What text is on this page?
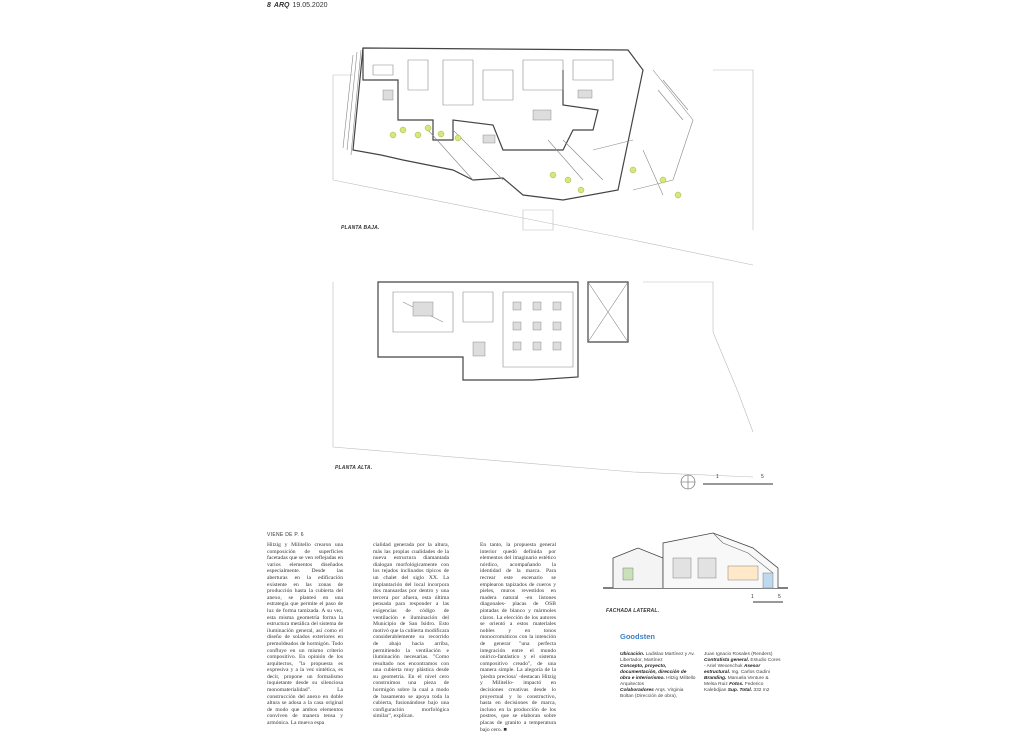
8 ARQ 19.05.2020
PLANTA BAJA.
PLANTA ALTA.
1	5
VIENE DE P. 6
Hitzig y Militello crearon una composición de superficies facetadas que se ven reflejadas en varios elementos diseñados especialmente. Desde las aberturas en la edificación existente en las zonas de producción hasta la cubierta del anexo, se planteó en una estrategia que permite el paso de luz de forma tamizada. A su vez, esta misma geometría forma la estructura metálica del sistema de iluminación general, así como el diseño de solados exteriores en premoldeados de hormigón. Todo confluye en un mismo criterio compositivo. En opinión de los arquitectos, "la propuesta es expresiva y a la vez sintética, es decir, propone un formalismo inquietante desde su silenciosa monomaterialidad". La construcción del anexo en doble altura se adosa a la casa original de modo que ambos elementos conviven de manera tensa y armónica. La mueva espa
cialidad generada por la altura, más las propias cualidades de la nueva estructura diamantada dialogan morfológicamente con los tejados inclinados típicos de un chalet del siglo XX. La implantación del local incorpora dos mansardas por dentro y una tercera por afuera, esta última pensada para responder a las exigencias de código de ventilación e iluminación del Municipio de San Isidro. Esto motivó que la cubierta modificara considerablemente su recorrido de abajo hacia arriba, permitiendo la ventilación e iluminación necesarias. "Como resultado nos encontramos con una cubierta muy plástica desde su geometría. En el nivel cero construimos una pieza de hormigón sobre la cual a modo de basamento se apoya toda la cubierta, fusionándose bajo una configuración morfológica similar", explican.
En tanto, la propuesta general interior quedó definida por elementos del imaginario estético nórdico, acompañando la identidad de la marca. Para recrear este escenario se emplearon tapizados de cueros y pieles, muros revestidos en madera natural -en listones diagonales- placas de OSB pintadas de blanco y mármoles claros. La elección de los autores se orientó a estos materiales nobles y en tonos monocromáticos con la intención de generar "una perfecta integración entre el mundo onírico-fantástico y el sistema compositivo creado", de una manera simple. La alegoría de la 'piedra preciosa' -destacan Hitzig y Militello- impactó en decisiones creativas desde lo proyectual y lo constructivo, hasta en decisiones de marca, incluso en la producción de los postres, que se elaboran sobre placas de granito a temperatura bajo cero. ■
FACHADA LATERAL.
1	5
Goodsten
Ubicación. Ladislao Martínez y Av. Libertador, Martínez
Concepto, proyecto, documentación, dirección de obra e interiorismo. Hitzig Militello Arquitectos
Colaboradores Arqs. Virginia Boltan (Dirección de obra),
Juan Ignacio Rosales (Renders) Contratista general. Estudio Cores - Ariel Wexenchuk Asesor estructural. Ing. Carlos Gadini Branding. Manuela Venture & Melsa Ruiz Fotos. Federico Kalebdjian Sup. Total. 332 m2
